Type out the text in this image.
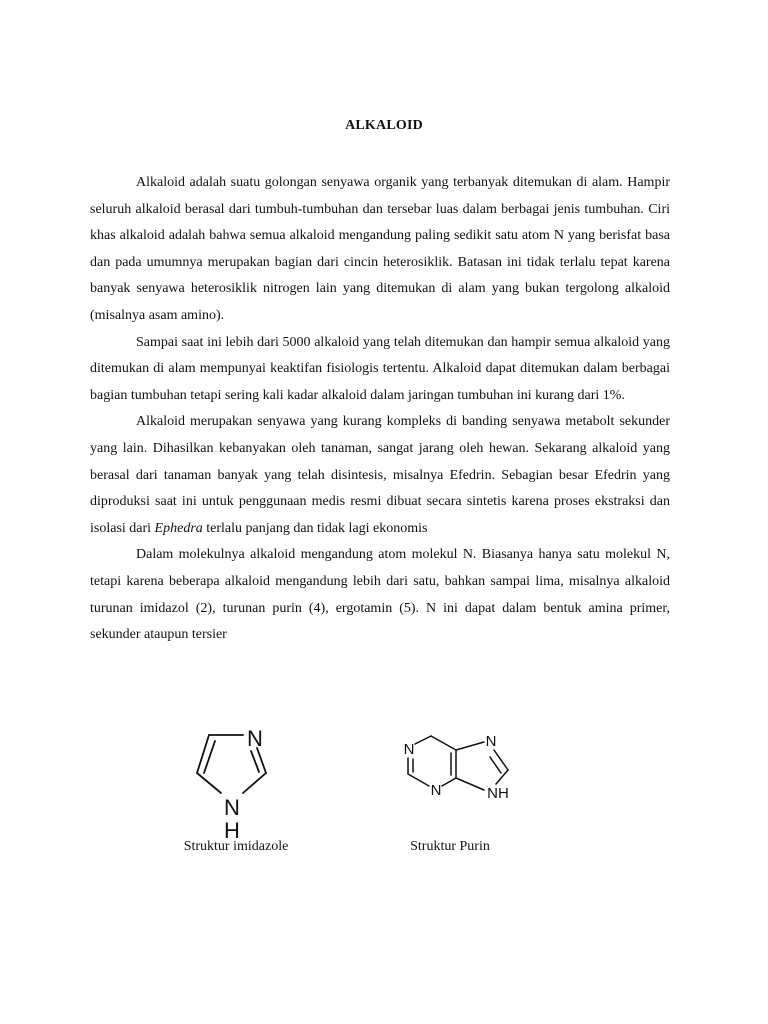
ALKALOID

Alkaloid adalah suatu golongan senyawa organik yang terbanyak ditemukan di alam. Hampir seluruh alkaloid berasal dari tumbuh-tumbuhan dan tersebar luas dalam berbagai jenis tumbuhan. Ciri khas alkaloid adalah bahwa semua alkaloid mengandung paling sedikit satu atom N yang berisfat basa dan pada umumnya merupakan bagian dari cincin heterosiklik. Batasan ini tidak terlalu tepat karena banyak senyawa heterosiklik nitrogen lain yang ditemukan di alam yang bukan tergolong alkaloid (misalnya asam amino).

Sampai saat ini lebih dari 5000 alkaloid yang telah ditemukan dan hampir semua alkaloid yang ditemukan di alam mempunyai keaktifan fisiologis tertentu. Alkaloid dapat ditemukan dalam berbagai bagian tumbuhan tetapi sering kali kadar alkaloid dalam jaringan tumbuhan ini kurang dari 1%.

Alkaloid merupakan senyawa yang kurang kompleks di banding senyawa metabolt sekunder yang lain. Dihasilkan kebanyakan oleh tanaman, sangat jarang oleh hewan. Sekarang alkaloid yang berasal dari tanaman banyak yang telah disintesis, misalnya Efedrin. Sebagian besar Efedrin yang diproduksi saat ini untuk penggunaan medis resmi dibuat secara sintetis karena proses ekstraksi dan isolasi dari Ephedra terlalu panjang dan tidak lagi ekonomis

Dalam molekulnya alkaloid mengandung atom molekul N. Biasanya hanya satu molekul N, tetapi karena beberapa alkaloid mengandung lebih dari satu, bahkan sampai lima, misalnya alkaloid turunan imidazol (2), turunan purin (4), ergotamin (5). N ini dapat dalam bentuk amina primer, sekunder ataupun tersier

N
N
H
N
N
N
NH
Struktur imidazole	Struktur Purin
